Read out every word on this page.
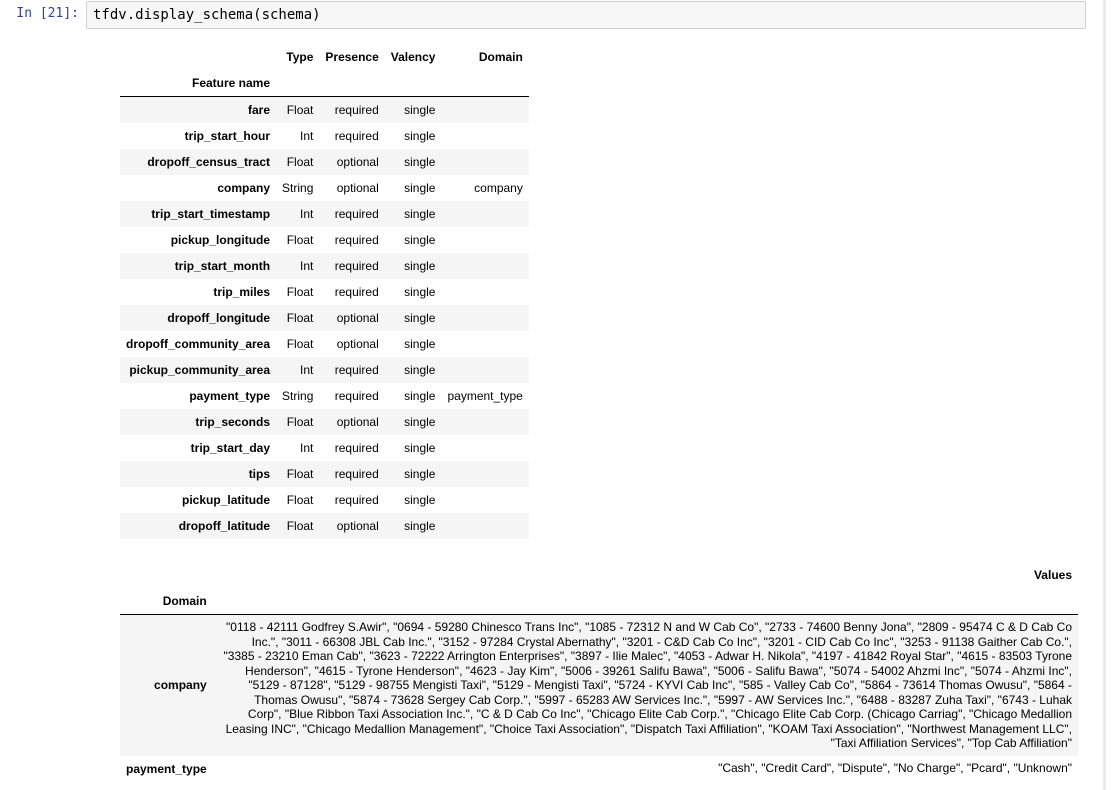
In [21]:	tfdv.display_schema(schema)
	Type	Presence	Valency	Domain
Feature name				
fare	Float	required	single	
trip_start_hour	Int	required	single	
dropoff_census_tract	Float	optional	single	
company	String	optional	single	company
trip_start_timestamp	Int	required	single	
pickup_longitude	Float	required	single	
trip_start_month	Int	required	single	
trip_miles	Float	required	single	
dropoff_longitude	Float	optional	single	
dropoff_community_area	Float	optional	single	
pickup_community_area	Int	required	single	
payment_type	String	required	single	payment_type
trip_seconds	Float	optional	single	
trip_start_day	Int	required	single	
tips	Float	required	single	
pickup_latitude	Float	required	single	
dropoff_latitude	Float	optional	single	
	Values
Domain	
company	"0118 - 42111 Godfrey S.Awir", "0694 - 59280 Chinesco Trans Inc", "1085 - 72312 N and W Cab Co", "2733 - 74600 Benny Jona", "2809 - 95474 C & D Cab Co Inc.", "3011 - 66308 JBL Cab Inc.", "3152 - 97284 Crystal Abernathy", "3201 - C&D Cab Co Inc", "3201 - CID Cab Co Inc", "3253 - 91138 Gaither Cab Co.", "3385 - 23210 Eman Cab", "3623 - 72222 Arrington Enterprises", "3897 - Ilie Malec", "4053 - Adwar H. Nikola", "4197 - 41842 Royal Star", "4615 - 83503 Tyrone Henderson", "4615 - Tyrone Henderson", "4623 - Jay Kim", "5006 - 39261 Salifu Bawa", "5006 - Salifu Bawa", "5074 - 54002 Ahzmi Inc", "5074 - Ahzmi Inc", "5129 - 87128", "5129 - 98755 Mengisti Taxi", "5129 - Mengisti Taxi", "5724 - KYVI Cab Inc", "585 - Valley Cab Co", "5864 - 73614 Thomas Owusu", "5864 - Thomas Owusu", "5874 - 73628 Sergey Cab Corp.", "5997 - 65283 AW Services Inc.", "5997 - AW Services Inc.", "6488 - 83287 Zuha Taxi", "6743 - Luhak Corp", "Blue Ribbon Taxi Association Inc.", "C & D Cab Co Inc", "Chicago Elite Cab Corp.", "Chicago Elite Cab Corp. (Chicago Carriag", "Chicago Medallion Leasing INC", "Chicago Medallion Management", "Choice Taxi Association", "Dispatch Taxi Affiliation", "KOAM Taxi Association", "Northwest Management LLC", "Taxi Affiliation Services", "Top Cab Affiliation"
payment_type	"Cash", "Credit Card", "Dispute", "No Charge", "Pcard", "Unknown"
